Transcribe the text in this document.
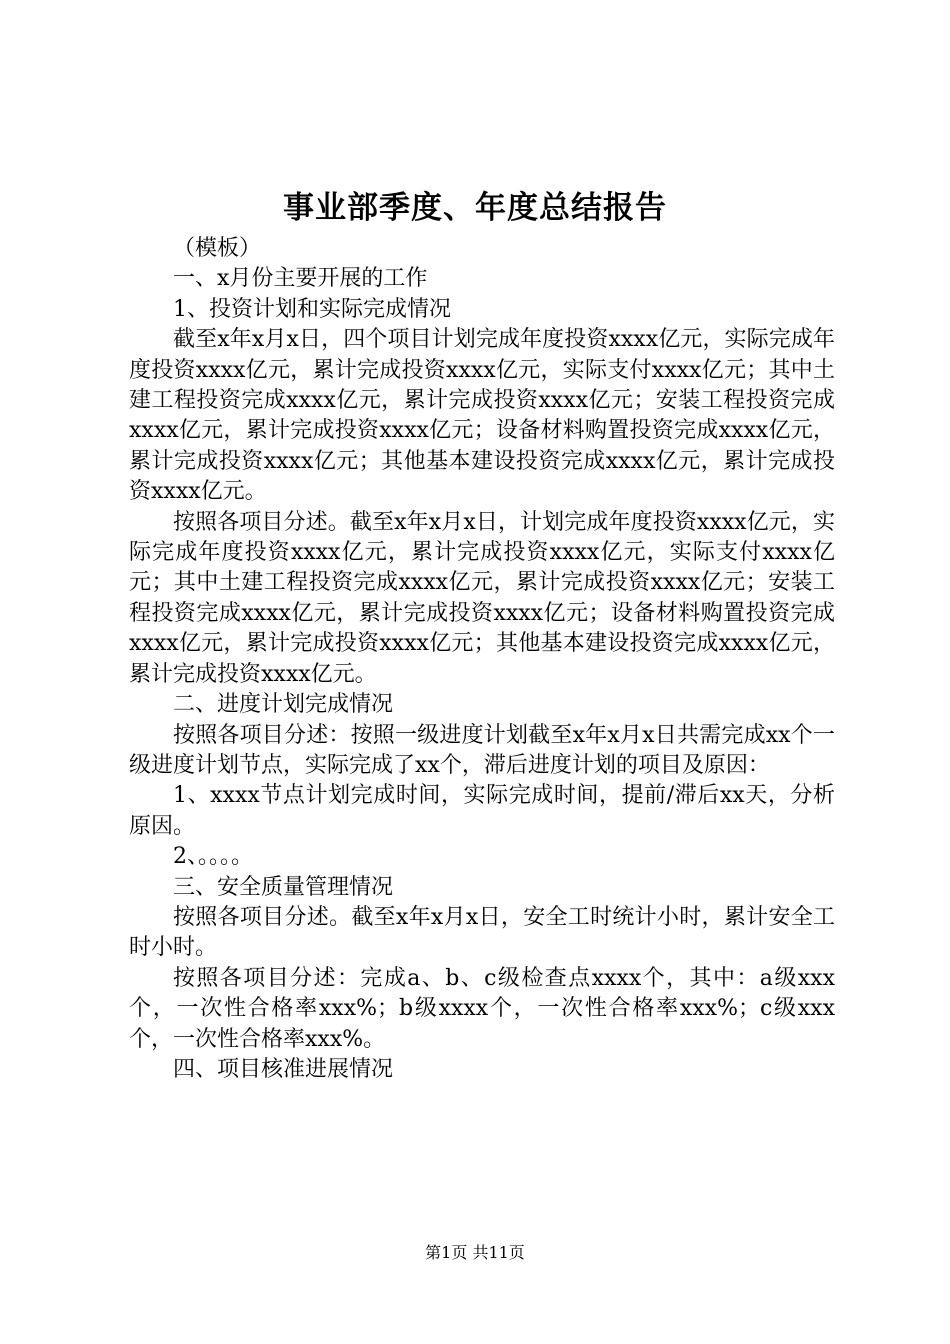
事业部季度、年度总结报告

（模板）

一、x月份主要开展的工作

1、投资计划和实际完成情况

截至x年x月x日，四个项目计划完成年度投资xxxx亿元，实际完成年度投资xxxx亿元，累计完成投资xxxx亿元，实际支付xxxx亿元；其中土建工程投资完成xxxx亿元，累计完成投资xxxx亿元；安装工程投资完成xxxx亿元，累计完成投资xxxx亿元；设备材料购置投资完成xxxx亿元，累计完成投资xxxx亿元；其他基本建设投资完成xxxx亿元，累计完成投资xxxx亿元。

按照各项目分述。截至x年x月x日，计划完成年度投资xxxx亿元，实际完成年度投资xxxx亿元，累计完成投资xxxx亿元，实际支付xxxx亿元；其中土建工程投资完成xxxx亿元，累计完成投资xxxx亿元；安装工程投资完成xxxx亿元，累计完成投资xxxx亿元；设备材料购置投资完成xxxx亿元，累计完成投资xxxx亿元；其他基本建设投资完成xxxx亿元，累计完成投资xxxx亿元。

二、进度计划完成情况

按照各项目分述：按照一级进度计划截至x年x月x日共需完成xx个一级进度计划节点，实际完成了xx个，滞后进度计划的项目及原因：

1、xxxx节点计划完成时间，实际完成时间，提前/滞后xx天，分析原因。

2、。。。。

三、安全质量管理情况

按照各项目分述。截至x年x月x日，安全工时统计小时，累计安全工时小时。

按照各项目分述：完成a、b、c级检查点xxxx个，其中：a级xxx个，一次性合格率xxx%；b级xxxx个，一次性合格率xxx%；c级xxx个，一次性合格率xxx%。

四、项目核准进展情况

第1页 共11页
